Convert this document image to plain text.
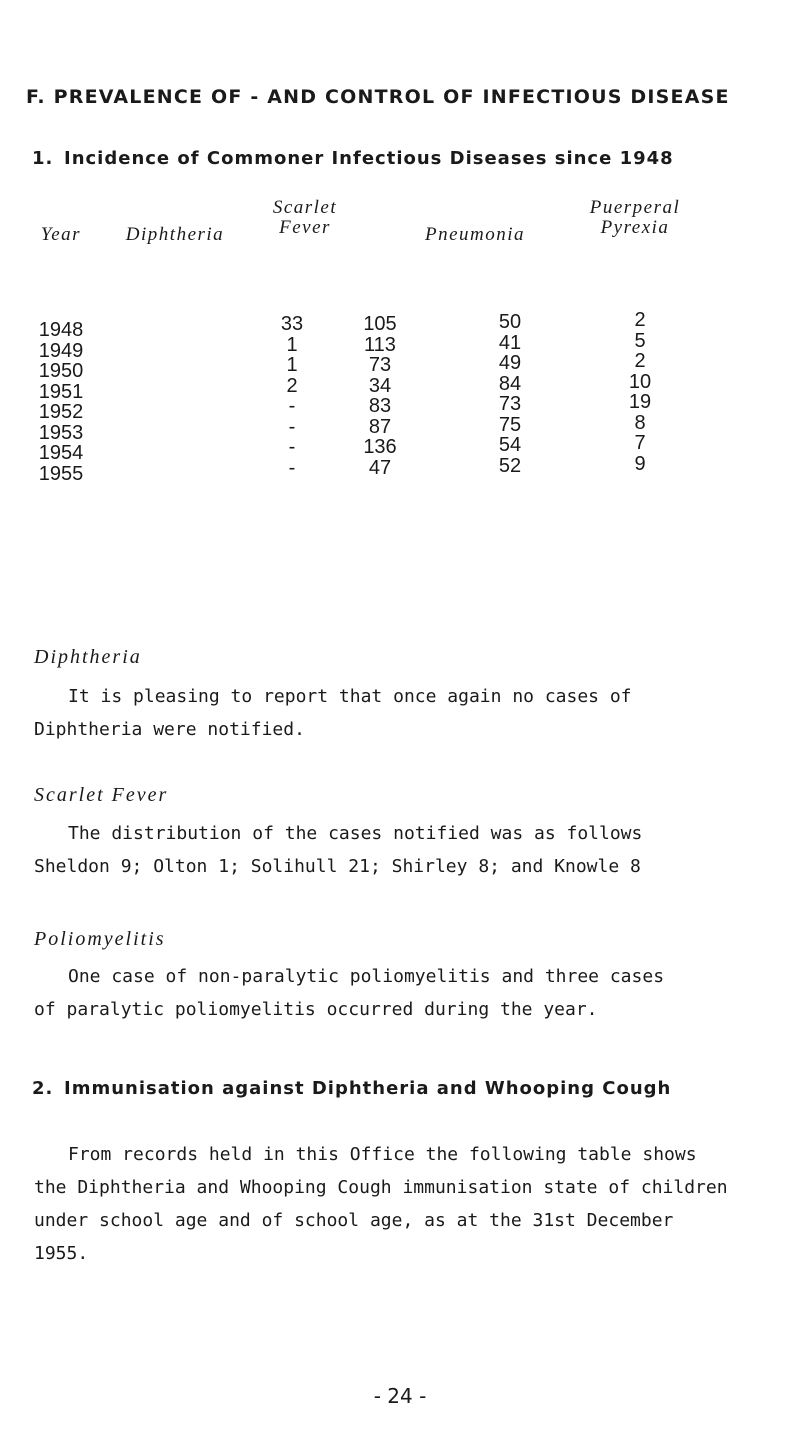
F. PREVALENCE OF - AND CONTROL OF INFECTIOUS DISEASE
1. Incidence of Commoner Infectious Diseases since 1948
Year	Diphtheria
Scarlet Fever	Pneumonia
Puerperal Pyrexia
1948
1949
1950
1951
1952
1953
1954
1955
33
1
1
2
-
-
-
-
105
113
73
34
83
87
136
47
50
41
49
84
73
75
54
52
2
5
2
10
19
8
7
9
Diphtheria
It is pleasing to report that once again no cases of
Diphtheria were notified.
Scarlet Fever
The distribution of the cases notified was as follows
Sheldon 9; Olton 1; Solihull 21; Shirley 8; and Knowle 8
Poliomyelitis
One case of non-paralytic poliomyelitis and three cases
of paralytic poliomyelitis occurred during the year.
2. Immunisation against Diphtheria and Whooping Cough
From records held in this Office the following table shows
the Diphtheria and Whooping Cough immunisation state of children
under school age and of school age, as at the 31st December
1955.
- 24 -
